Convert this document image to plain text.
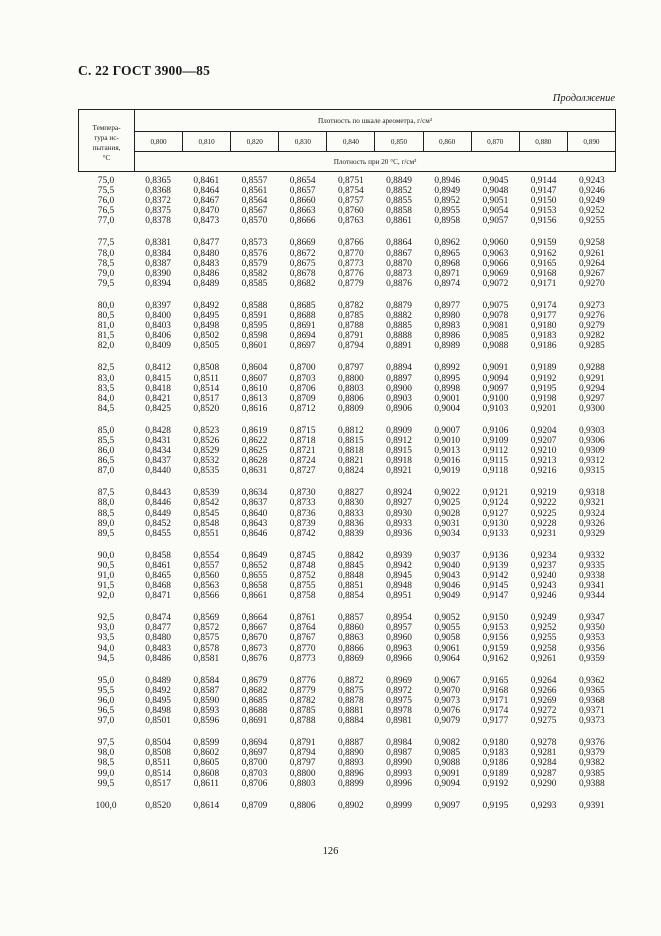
С. 22 ГОСТ 3900—85
Продолжение
Темпера-
тура ис-
пытания,
°С	Плотность по шкале ареометра, г/см³									
	0,800	0,810	0,820	0,830	0,840	0,850	0,860	0,870	0,880	0,890
	Плотность при 20 °С, г/см³									
75,0	0,8365	0,8461	0,8557	0,8654	0,8751	0,8849	0,8946	0,9045	0,9144	0,9243
75,5	0,8368	0,8464	0,8561	0,8657	0,8754	0,8852	0,8949	0,9048	0,9147	0,9246
76,0	0,8372	0,8467	0,8564	0,8660	0,8757	0,8855	0,8952	0,9051	0,9150	0,9249
76,5	0,8375	0,8470	0,8567	0,8663	0,8760	0,8858	0,8955	0,9054	0,9153	0,9252
77,0	0,8378	0,8473	0,8570	0,8666	0,8763	0,8861	0,8958	0,9057	0,9156	0,9255

77,5	0,8381	0,8477	0,8573	0,8669	0,8766	0,8864	0,8962	0,9060	0,9159	0,9258
78,0	0,8384	0,8480	0,8576	0,8672	0,8770	0,8867	0,8965	0,9063	0,9162	0,9261
78,5	0,8387	0,8483	0,8579	0,8675	0,8773	0,8870	0,8968	0,9066	0,9165	0,9264
79,0	0,8390	0,8486	0,8582	0,8678	0,8776	0,8873	0,8971	0,9069	0,9168	0,9267
79,5	0,8394	0,8489	0,8585	0,8682	0,8779	0,8876	0,8974	0,9072	0,9171	0,9270

80,0	0,8397	0,8492	0,8588	0,8685	0,8782	0,8879	0,8977	0,9075	0,9174	0,9273
80,5	0,8400	0,8495	0,8591	0,8688	0,8785	0,8882	0,8980	0,9078	0,9177	0,9276
81,0	0,8403	0,8498	0,8595	0,8691	0,8788	0,8885	0,8983	0,9081	0,9180	0,9279
81,5	0,8406	0,8502	0,8598	0,8694	0,8791	0,8888	0,8986	0,9085	0,9183	0,9282
82,0	0,8409	0,8505	0,8601	0,8697	0,8794	0,8891	0,8989	0,9088	0,9186	0,9285

82,5	0,8412	0,8508	0,8604	0,8700	0,8797	0,8894	0,8992	0,9091	0,9189	0,9288
83,0	0,8415	0,8511	0,8607	0,8703	0,8800	0,8897	0,8995	0,9094	0,9192	0,9291
83,5	0,8418	0,8514	0,8610	0,8706	0,8803	0,8900	0,8998	0,9097	0,9195	0,9294
84,0	0,8421	0,8517	0,8613	0,8709	0,8806	0,8903	0,9001	0,9100	0,9198	0,9297
84,5	0,8425	0,8520	0,8616	0,8712	0,8809	0,8906	0,9004	0,9103	0,9201	0,9300

85,0	0,8428	0,8523	0,8619	0,8715	0,8812	0,8909	0,9007	0,9106	0,9204	0,9303
85,5	0,8431	0,8526	0,8622	0,8718	0,8815	0,8912	0,9010	0,9109	0,9207	0,9306
86,0	0,8434	0,8529	0,8625	0,8721	0,8818	0,8915	0,9013	0,9112	0,9210	0,9309
86,5	0,8437	0,8532	0,8628	0,8724	0,8821	0,8918	0,9016	0,9115	0,9213	0,9312
87,0	0,8440	0,8535	0,8631	0,8727	0,8824	0,8921	0,9019	0,9118	0,9216	0,9315

87,5	0,8443	0,8539	0,8634	0,8730	0,8827	0,8924	0,9022	0,9121	0,9219	0,9318
88,0	0,8446	0,8542	0,8637	0,8733	0,8830	0,8927	0,9025	0,9124	0,9222	0,9321
88,5	0,8449	0,8545	0,8640	0,8736	0,8833	0,8930	0,9028	0,9127	0,9225	0,9324
89,0	0,8452	0,8548	0,8643	0,8739	0,8836	0,8933	0,9031	0,9130	0,9228	0,9326
89,5	0,8455	0,8551	0,8646	0,8742	0,8839	0,8936	0,9034	0,9133	0,9231	0,9329

90,0	0,8458	0,8554	0,8649	0,8745	0,8842	0,8939	0,9037	0,9136	0,9234	0,9332
90,5	0,8461	0,8557	0,8652	0,8748	0,8845	0,8942	0,9040	0,9139	0,9237	0,9335
91,0	0,8465	0,8560	0,8655	0,8752	0,8848	0,8945	0,9043	0,9142	0,9240	0,9338
91,5	0,8468	0,8563	0,8658	0,8755	0,8851	0,8948	0,9046	0,9145	0,9243	0,9341
92,0	0,8471	0,8566	0,8661	0,8758	0,8854	0,8951	0,9049	0,9147	0,9246	0,9344

92,5	0,8474	0,8569	0,8664	0,8761	0,8857	0,8954	0,9052	0,9150	0,9249	0,9347
93,0	0,8477	0,8572	0,8667	0,8764	0,8860	0,8957	0,9055	0,9153	0,9252	0,9350
93,5	0,8480	0,8575	0,8670	0,8767	0,8863	0,8960	0,9058	0,9156	0,9255	0,9353
94,0	0,8483	0,8578	0,8673	0,8770	0,8866	0,8963	0,9061	0,9159	0,9258	0,9356
94,5	0,8486	0,8581	0,8676	0,8773	0,8869	0,8966	0,9064	0,9162	0,9261	0,9359

95,0	0,8489	0,8584	0,8679	0,8776	0,8872	0,8969	0,9067	0,9165	0,9264	0,9362
95,5	0,8492	0,8587	0,8682	0,8779	0,8875	0,8972	0,9070	0,9168	0,9266	0,9365
96,0	0,8495	0,8590	0,8685	0,8782	0,8878	0,8975	0,9073	0,9171	0,9269	0,9368
96,5	0,8498	0,8593	0,8688	0,8785	0,8881	0,8978	0,9076	0,9174	0,9272	0,9371
97,0	0,8501	0,8596	0,8691	0,8788	0,8884	0,8981	0,9079	0,9177	0,9275	0,9373

97,5	0,8504	0,8599	0,8694	0,8791	0,8887	0,8984	0,9082	0,9180	0,9278	0,9376
98,0	0,8508	0,8602	0,8697	0,8794	0,8890	0,8987	0,9085	0,9183	0,9281	0,9379
98,5	0,8511	0,8605	0,8700	0,8797	0,8893	0,8990	0,9088	0,9186	0,9284	0,9382
99,0	0,8514	0,8608	0,8703	0,8800	0,8896	0,8993	0,9091	0,9189	0,9287	0,9385
99,5	0,8517	0,8611	0,8706	0,8803	0,8899	0,8996	0,9094	0,9192	0,9290	0,9388

100,0	0,8520	0,8614	0,8709	0,8806	0,8902	0,8999	0,9097	0,9195	0,9293	0,9391
126
